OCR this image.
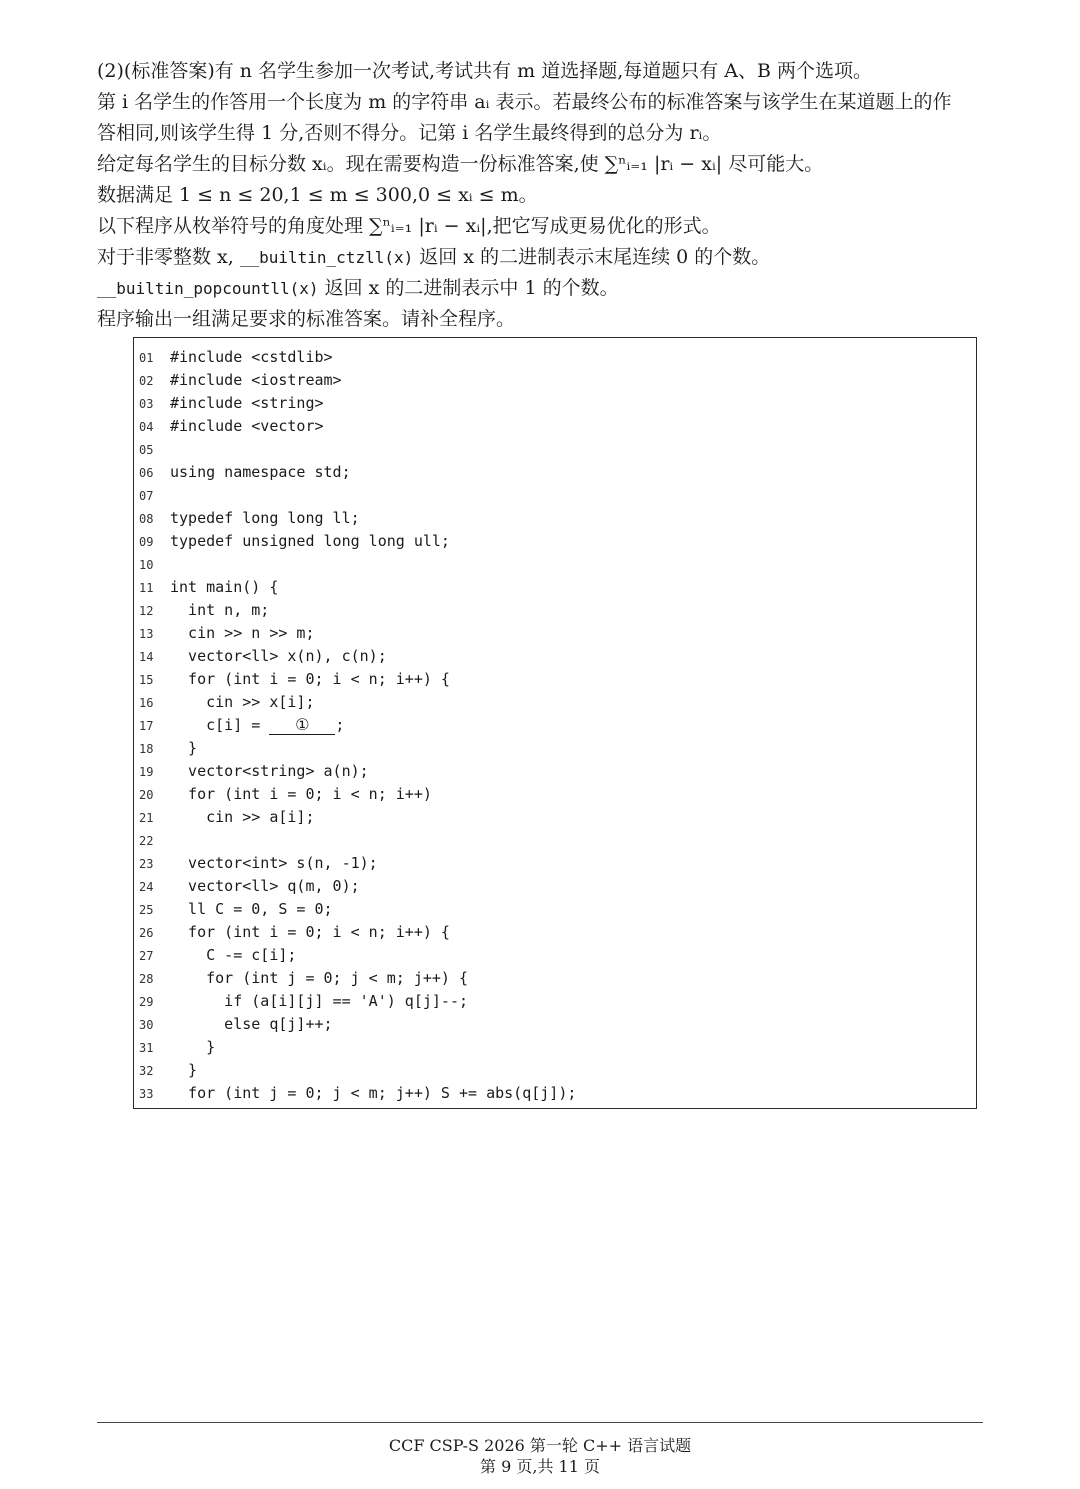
(2)(标准答案)有 n 名学生参加一次考试,考试共有 m 道选择题,每道题只有 A、B 两个选项。

第 i 名学生的作答用一个长度为 m 的字符串 aᵢ 表示。若最终公布的标准答案与该学生在某道题上的作

答相同,则该学生得 1 分,否则不得分。记第 i 名学生最终得到的总分为 rᵢ。

给定每名学生的目标分数 xᵢ。现在需要构造一份标准答案,使 ∑ⁿᵢ₌₁ |rᵢ − xᵢ| 尽可能大。

数据满足 1 ≤ n ≤ 20,1 ≤ m ≤ 300,0 ≤ xᵢ ≤ m。

以下程序从枚举符号的角度处理 ∑ⁿᵢ₌₁ |rᵢ − xᵢ|,把它写成更易优化的形式。

对于非零整数 x, __builtin_ctzll(x) 返回 x 的二进制表示末尾连续 0 的个数。

__builtin_popcountll(x) 返回 x 的二进制表示中 1 的个数。

程序输出一组满足要求的标准答案。请补全程序。

01 #include <cstdlib>
02 #include <iostream>
03 #include <string>
04 #include <vector>
05
06 using namespace std;
07
08 typedef long long ll;
09 typedef unsigned long long ull;
10
11 int main() {
12  int n, m;
13  cin >> n >> m;
14  vector<ll> x(n), c(n);
15  for (int i = 0; i < n; i++) {
16    cin >> x[i];
17    c[i] = ① ;
18  }
19  vector<string> a(n);
20  for (int i = 0; i < n; i++)
21    cin >> a[i];
22
23  vector<int> s(n, -1);
24  vector<ll> q(m, 0);
25  ll C = 0, S = 0;
26  for (int i = 0; i < n; i++) {
27    C -= c[i];
28    for (int j = 0; j < m; j++) {
29      if (a[i][j] == 'A') q[j]--;
30      else q[j]++;
31    }
32  }
33  for (int j = 0; j < m; j++) S += abs(q[j]);
CCF CSP-S 2026 第一轮 C++ 语言试题
第 9 页,共 11 页
